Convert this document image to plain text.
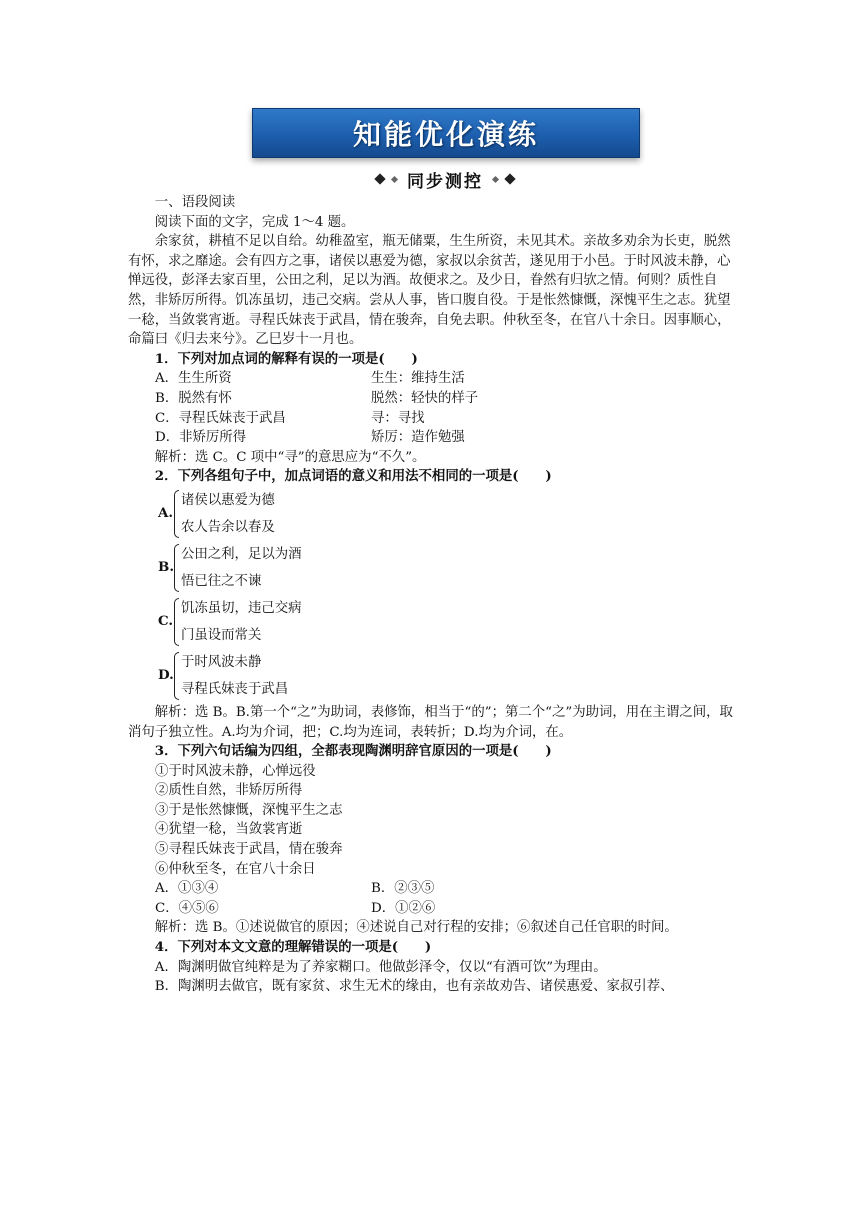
知能优化演练
同步测控

一、语段阅读

阅读下面的文字，完成 1～4 题。

余家贫，耕植不足以自给。幼稚盈室，瓶无储粟，生生所资，未见其术。亲故多劝余为长吏，脱然有怀，求之靡途。会有四方之事，诸侯以惠爱为德，家叔以余贫苦，遂见用于小邑。于时风波未静，心惮远役，彭泽去家百里，公田之利，足以为酒。故便求之。及少日，眷然有归欤之情。何则？质性自然，非矫厉所得。饥冻虽切，违己交病。尝从人事，皆口腹自役。于是怅然慷慨，深愧平生之志。犹望一稔，当敛裳宵逝。寻程氏妹丧于武昌，情在骏奔，自免去职。仲秋至冬，在官八十余日。因事顺心，命篇曰《归去来兮》。乙巳岁十一月也。

1．下列对加点词的解释有误的一项是(　　)

A．生生所资	生生：维持生活
B．脱然有怀	脱然：轻快的样子
C．寻程氏妹丧于武昌	寻：寻找
D．非矫厉所得	矫厉：造作勉强

解析：选 C。C 项中“寻”的意思应为“不久”。

2．下列各组句子中，加点词语的意义和用法不相同的一项是(　　)

A.
诸侯以惠爱为德
农人告余以春及
B.
公田之利，足以为酒
悟已往之不谏
C.
饥冻虽切，违己交病
门虽设而常关
D.
于时风波未静
寻程氏妹丧于武昌

解析：选 B。B.第一个“之”为助词，表修饰，相当于“的”；第二个“之”为助词，用在主谓之间，取消句子独立性。A.均为介词，把；C.均为连词，表转折；D.均为介词，在。

3．下列六句话编为四组，全都表现陶渊明辞官原因的一项是(　　)

①于时风波未静，心惮远役

②质性自然，非矫厉所得

③于是怅然慷慨，深愧平生之志

④犹望一稔，当敛裳宵逝

⑤寻程氏妹丧于武昌，情在骏奔

⑥仲秋至冬，在官八十余日

A．①③④	B．②③⑤
C．④⑤⑥	D．①②⑥

解析：选 B。①述说做官的原因；④述说自己对行程的安排；⑥叙述自己任官职的时间。

4．下列对本文文意的理解错误的一项是(　　)

A．陶渊明做官纯粹是为了养家糊口。他做彭泽令，仅以“有酒可饮”为理由。

B．陶渊明去做官，既有家贫、求生无术的缘由，也有亲故劝告、诸侯惠爱、家叔引荐、
